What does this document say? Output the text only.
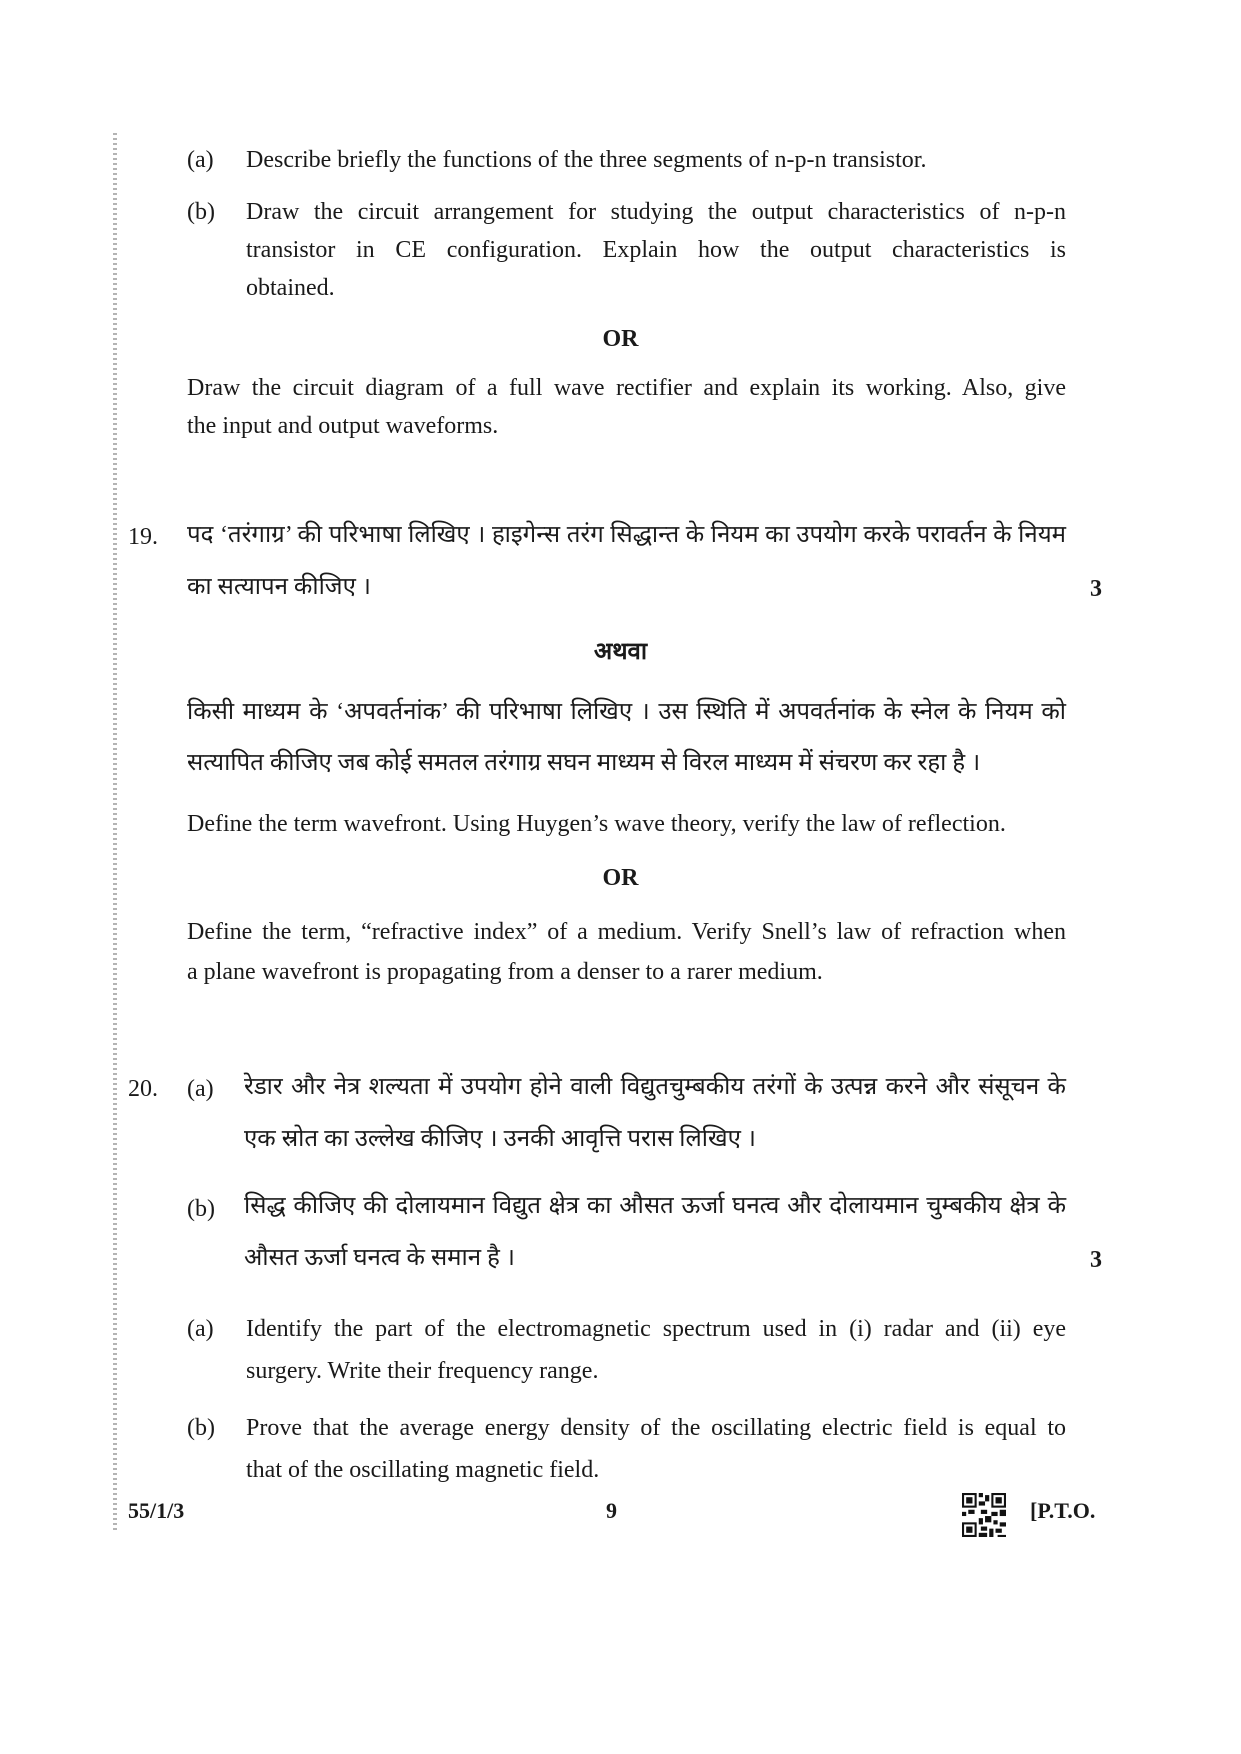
(a) Describe briefly the functions of the three segments of n-p-n transistor.
(b) Draw the circuit arrangement for studying the output characteristics of n-p-n
transistor in CE configuration. Explain how the output characteristics is
obtained.
OR
Draw the circuit diagram of a full wave rectifier and explain its working. Also, give
the input and output waveforms.
19. पद ‘तरंगाग्र’ की परिभाषा लिखिए । हाइगेन्स तरंग सिद्धान्त के नियम का उपयोग करके परावर्तन के नियम
का सत्यापन कीजिए ।	3
अथवा
किसी माध्यम के ‘अपवर्तनांक’ की परिभाषा लिखिए । उस स्थिति में अपवर्तनांक के स्नेल के नियम को
सत्यापित कीजिए जब कोई समतल तरंगाग्र सघन माध्यम से विरल माध्यम में संचरण कर रहा है ।
Define the term wavefront. Using Huygen’s wave theory, verify the law of reflection.
OR
Define the term, “refractive index” of a medium. Verify Snell’s law of refraction when
a plane wavefront is propagating from a denser to a rarer medium.
20. (a) रेडार और नेत्र शल्यता में उपयोग होने वाली विद्युतचुम्बकीय तरंगों के उत्पन्न करने और संसूचन के
एक स्रोत का उल्लेख कीजिए । उनकी आवृत्ति परास लिखिए ।
(b) सिद्ध कीजिए की दोलायमान विद्युत क्षेत्र का औसत ऊर्जा घनत्व और दोलायमान चुम्बकीय क्षेत्र के
औसत ऊर्जा घनत्व के समान है ।	3
(a) Identify the part of the electromagnetic spectrum used in (i) radar and (ii) eye
surgery. Write their frequency range.
(b) Prove that the average energy density of the oscillating electric field is equal to
that of the oscillating magnetic field.
55/1/3	9	[P.T.O.
